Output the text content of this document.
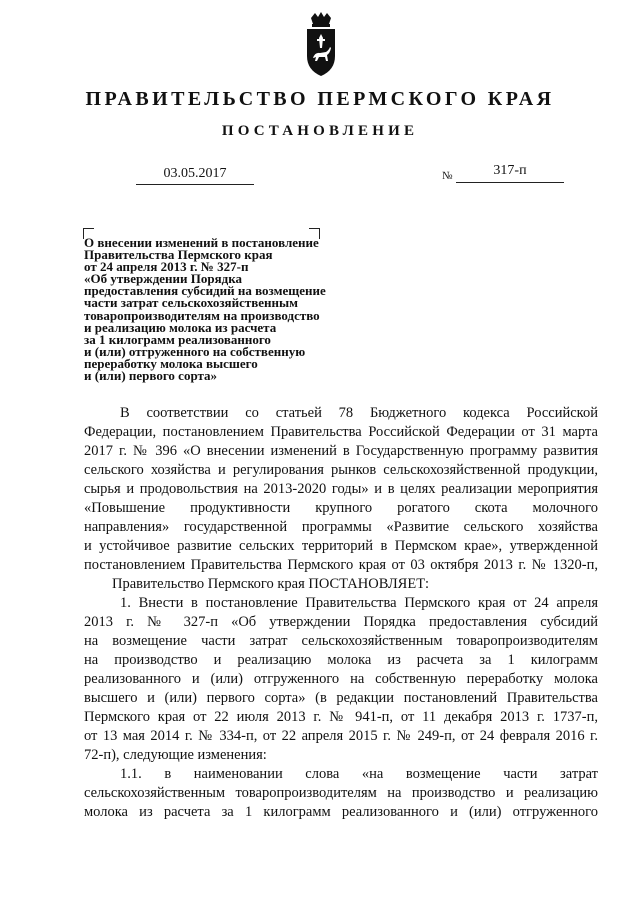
ПРАВИТЕЛЬСТВО ПЕРМСКОГО КРАЯ
ПОСТАНОВЛЕНИЕ
03.05.2017	№	317-п
О внесении изменений в постановление
Правительства Пермского края
от 24 апреля 2013 г. № 327-п
«Об утверждении Порядка
предоставления субсидий на возмещение
части затрат сельскохозяйственным
товаропроизводителям на производство
и реализацию молока из расчета
за 1 килограмм реализованного
и (или) отгруженного на собственную
переработку молока высшего
и (или) первого сорта»
В соответствии со статьей 78 Бюджетного кодекса Российской
Федерации, постановлением Правительства Российской Федерации от 31 марта
2017 г. № 396 «О внесении изменений в Государственную программу развития
сельского хозяйства и регулирования рынков сельскохозяйственной продукции,
сырья и продовольствия на 2013-2020 годы» и в целях реализации мероприятия
«Повышение продуктивности крупного рогатого скота молочного
направления» государственной программы «Развитие сельского хозяйства
и устойчивое развитие сельских территорий в Пермском крае», утвержденной
постановлением Правительства Пермского края от 03 октября 2013 г. № 1320-п,
Правительство Пермского края ПОСТАНОВЛЯЕТ:
1. Внести в постановление Правительства Пермского края от 24 апреля
2013 г. № 327-п «Об утверждении Порядка предоставления субсидий
на возмещение части затрат сельскохозяйственным товаропроизводителям
на производство и реализацию молока из расчета за 1 килограмм
реализованного и (или) отгруженного на собственную переработку молока
высшего и (или) первого сорта» (в редакции постановлений Правительства
Пермского края от 22 июля 2013 г. № 941-п, от 11 декабря 2013 г. 1737-п,
от 13 мая 2014 г. № 334-п, от 22 апреля 2015 г. № 249-п, от 24 февраля 2016 г.
72-п), следующие изменения:
1.1. в наименовании слова «на возмещение части затрат
сельскохозяйственным товаропроизводителям на производство и реализацию
молока из расчета за 1 килограмм реализованного и (или) отгруженного
